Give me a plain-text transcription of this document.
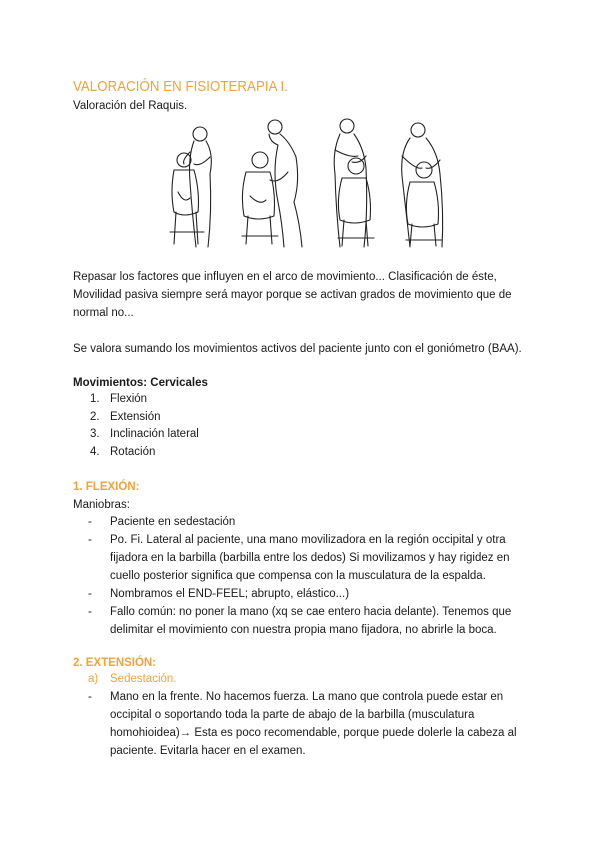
VALORACIÓN EN FISIOTERAPIA I.
Valoración del Raquis.
Repasar los factores que influyen en el arco de movimiento... Clasificación de éste,
Movilidad pasiva siempre será mayor porque se activan grados de movimiento que de
normal no...
Se valora sumando los movimientos activos del paciente junto con el goniómetro (BAA).
Movimientos: Cervicales
1. Flexión
2. Extensión
3. Inclinación lateral
4. Rotación
1. FLEXIÓN:
Maniobras:
-	Paciente en sedestación
-	Po. Fi. Lateral al paciente, una mano movilizadora en la región occipital y otra
fijadora en la barbilla (barbilla entre los dedos) Si movilizamos y hay rigidez en
cuello posterior significa que compensa con la musculatura de la espalda.
-	Nombramos el END-FEEL; abrupto, elástico...)
-	Fallo común: no poner la mano (xq se cae entero hacia delante). Tenemos que
delimitar el movimiento con nuestra propia mano fijadora, no abrirle la boca.
2. EXTENSIÓN:
a)	Sedestación.
-	Mano en la frente. No hacemos fuerza. La mano que controla puede estar en
occipital o soportando toda la parte de abajo de la barbilla (musculatura
homohioidea)→ Esta es poco recomendable, porque puede dolerle la cabeza al
paciente. Evitarla hacer en el examen.
